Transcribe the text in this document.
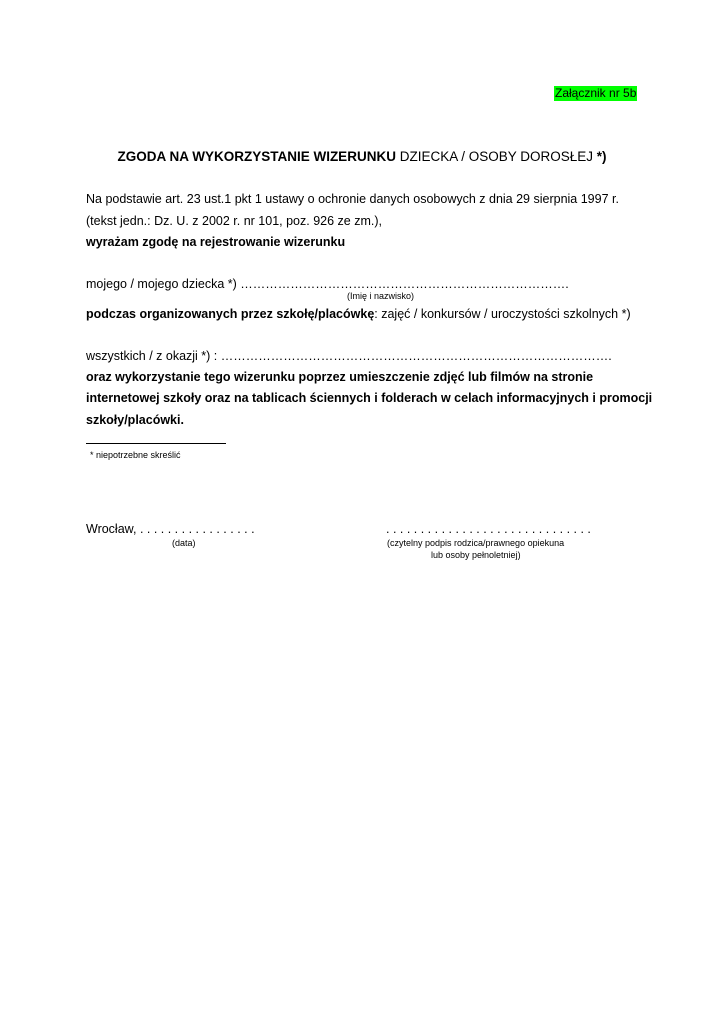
Załącznik nr 5b
ZGODA NA WYKORZYSTANIE WIZERUNKU DZIECKA / OSOBY DOROSŁEJ *)
Na podstawie art. 23 ust.1 pkt 1 ustawy o ochronie danych osobowych z dnia 29 sierpnia 1997 r.
(tekst jedn.: Dz. U. z 2002 r. nr 101, poz. 926 ze zm.),
wyrażam zgodę na rejestrowanie wizerunku
mojego / mojego dziecka *) …………………………………………………………………….
(Imię i nazwisko)
podczas organizowanych przez szkołę/placówkę: zajęć / konkursów / uroczystości szkolnych *)
wszystkich / z okazji *) : ………………………………………………………………………………….
oraz wykorzystanie tego wizerunku poprzez umieszczenie zdjęć lub filmów na stronie
internetowej szkoły oraz na tablicach ściennych i folderach w celach informacyjnych i promocji
szkoły/placówki.
* niepotrzebne skreślić
Wrocław, . . . . . . . . . . . . . . . . .
(data)
. . . . . . . . . . . . . . . . . . . . . . . . . . . . . .
(czytelny podpis rodzica/prawnego opiekuna
lub osoby pełnoletniej)
